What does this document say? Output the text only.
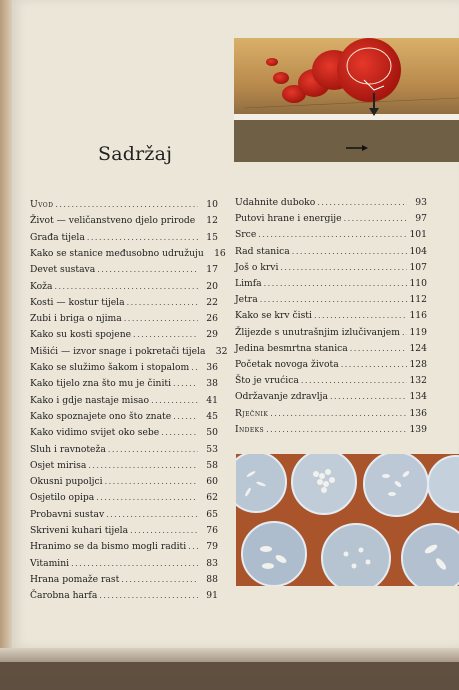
Sadržaj
Uvod .....	10
Život — veličanstveno djelo prirode .....	12
Građa tijela .....	15
Kako se stanice međusobno udružuju	16
Devet sustava .....	17
Koža .....	20
Kosti — kostur tijela .....	22
Zubi i briga o njima .....	26
Kako su kosti spojene .....	29
Mišići — izvor snage i pokretači tijela	32
Kako se služimo šakom i stopalom .....	36
Kako tijelo zna što mu je činiti .....	38
Kako i gdje nastaje misao .....	41
Kako spoznajete ono što znate .....	45
Kako vidimo svijet oko sebe .....	50
Sluh i ravnoteža .....	53
Osjet mirisa .....	58
Okusni pupoljci .....	60
Osjetilo opipa .....	62
Probavni sustav .....	65
Skriveni kuhari tijela .....	76
Hranimo se da bismo mogli raditi .....	79
Vitamini .....	83
Hrana pomaže rast .....	88
Čarobna harfa .....	91
Udahnite duboko .....	93
Putovi hrane i energije .....	97
Srce .....	101
Rad stanica .....	104
Još o krvi .....	107
Limfa .....	110
Jetra .....	112
Kako se krv čisti .....	116
Žlijezde s unutrašnjim izlučivanjem ..... 119
Jedina besmrtna stanica .....	124
Početak novoga života .....	128
Što je vrućica .....	132
Održavanje zdravlja .....	134
Rječnik .....	136
Indeks .....	139
